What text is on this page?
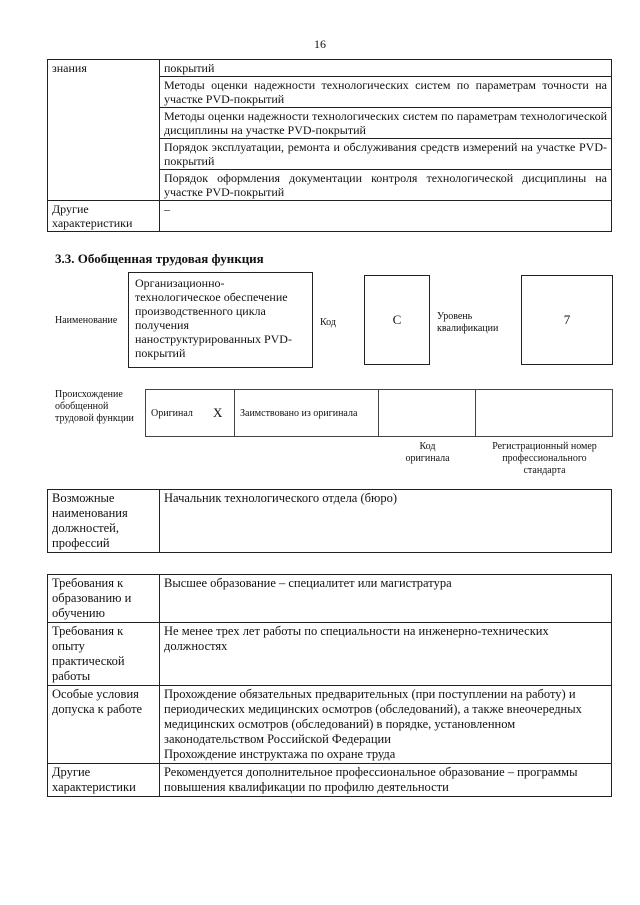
16
знания	покрытий
	Методы оценки надежности технологических систем по параметрам точности на участке PVD-покрытий
	Методы оценки надежности технологических систем по параметрам технологической дисциплины на участке PVD-покрытий
	Порядок эксплуатации, ремонта и обслуживания средств измерений на участке PVD-покрытий
	Порядок оформления документации контроля технологической дисциплины на участке PVD-покрытий
Другие характеристики	–
3.3. Обобщенная трудовая функция
Наименование
Организационно-технологическое обеспечение производственного цикла получения наноструктурированных PVD-покрытий
Код	C	Уровень квалификации
7
Происхождение обобщенной трудовой функции	Оригинал X Заимствовано из оригинала
Код оригинала
Регистрационный номер профессионального стандарта
Возможные наименования должностей, профессий	Начальник технологического отдела (бюро)
Требования к образованию и обучению	Высшее образование – специалитет или магистратура
Требования к опыту практической работы	Не менее трех лет работы по специальности на инженерно-технических должностях
Особые условия допуска к работе	Прохождение обязательных предварительных (при поступлении на работу) и периодических медицинских осмотров (обследований), а также внеочередных медицинских осмотров (обследований) в порядке, установленном законодательством Российской Федерации
Прохождение инструктажа по охране труда

Другие характеристики	Рекомендуется дополнительное профессиональное образование – программы повышения квалификации по профилю деятельности
